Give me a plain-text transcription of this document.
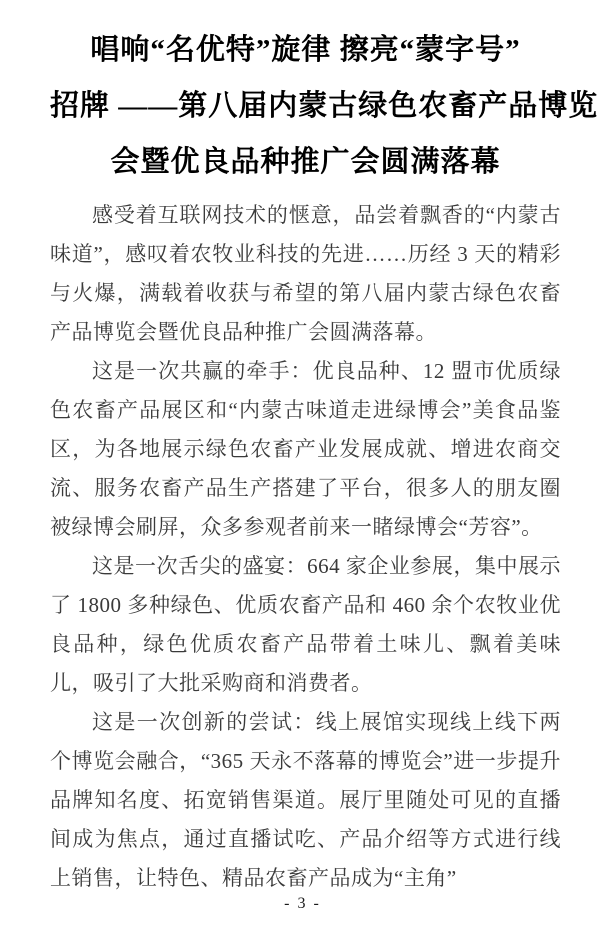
唱响“名优特”旋律 擦亮“蒙字号”
招牌 ——第八届内蒙古绿色农畜产品博览
会暨优良品种推广会圆满落幕

感受着互联网技术的惬意，品尝着飘香的“内蒙古味道”，感叹着农牧业科技的先进……历经 3 天的精彩与火爆，满载着收获与希望的第八届内蒙古绿色农畜产品博览会暨优良品种推广会圆满落幕。

这是一次共赢的牵手：优良品种、12 盟市优质绿色农畜产品展区和“内蒙古味道走进绿博会”美食品鉴区，为各地展示绿色农畜产业发展成就、增进农商交流、服务农畜产品生产搭建了平台，很多人的朋友圈被绿博会刷屏，众多参观者前来一睹绿博会“芳容”。

这是一次舌尖的盛宴：664 家企业参展，集中展示了 1800 多种绿色、优质农畜产品和 460 余个农牧业优良品种，绿色优质农畜产品带着土味儿、飘着美味儿，吸引了大批采购商和消费者。

这是一次创新的尝试：线上展馆实现线上线下两个博览会融合，“365 天永不落幕的博览会”进一步提升品牌知名度、拓宽销售渠道。展厅里随处可见的直播间成为焦点，通过直播试吃、产品介绍等方式进行线上销售，让特色、精品农畜产品成为“主角”

- 3 -
